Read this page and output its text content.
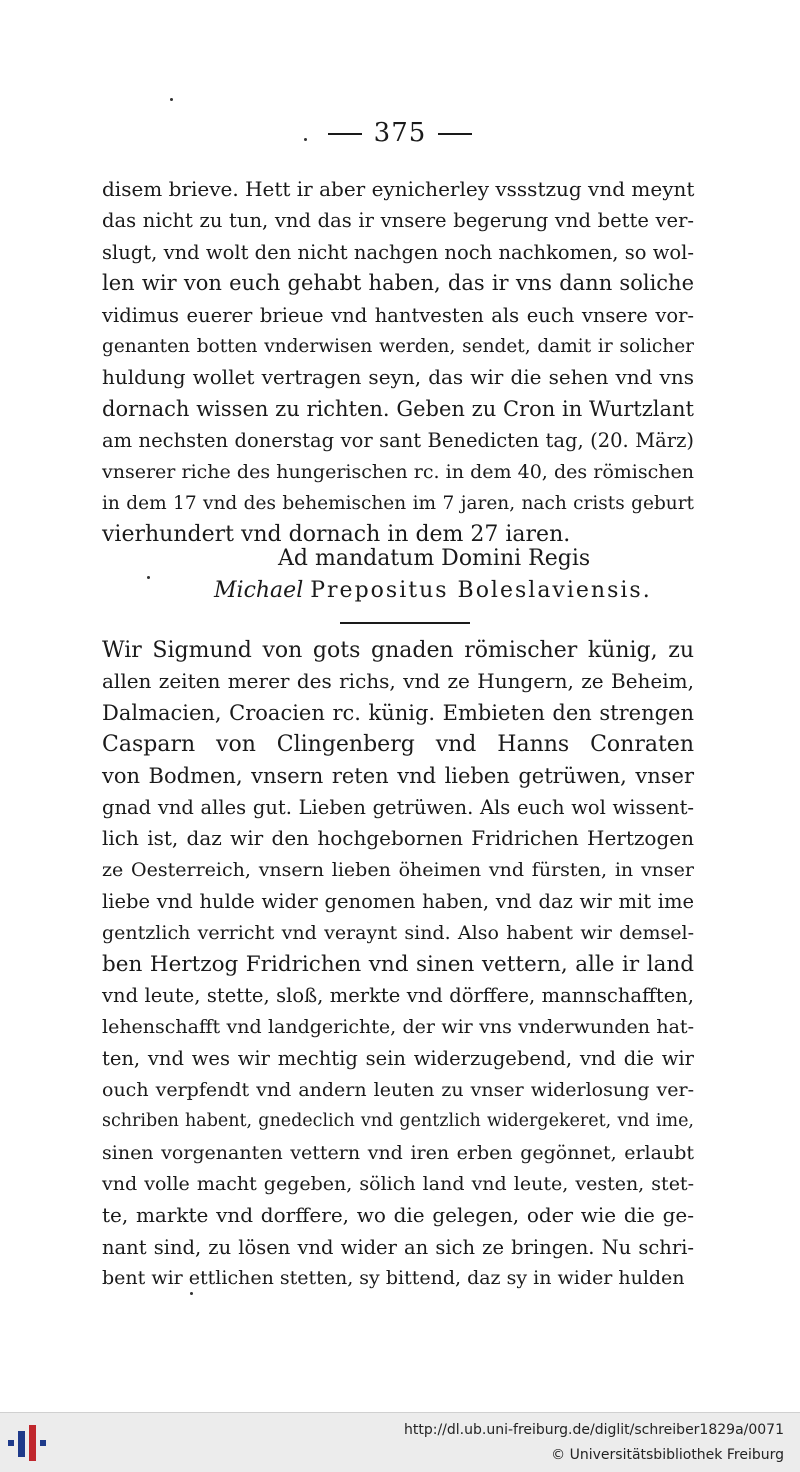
375
disem brieve. Hett ir aber eynicherley vssstzug vnd meynt
das nicht zu tun, vnd das ir vnsere begerung vnd bette ver-
slugt, vnd wolt den nicht nachgen noch nachkomen, so wol-
len wir von euch gehabt haben, das ir vns dann soliche
vidimus euerer brieue vnd hantvesten als euch vnsere vor-
genanten botten vnderwisen werden, sendet, damit ir solicher
huldung wollet vertragen seyn, das wir die sehen vnd vns
dornach wissen zu richten. Geben zu Cron in Wurtzlant
am nechsten donerstag vor sant Benedicten tag, (20. März)
vnserer riche des hungerischen rc. in dem 40, des römischen
in dem 17 vnd des behemischen im 7 jaren, nach crists geburt
vierhundert vnd dornach in dem 27 iaren.
Ad mandatum Domini Regis
Michael Prepositus Boleslaviensis.
Wir Sigmund von gots gnaden römischer künig, zu
allen zeiten merer des richs, vnd ze Hungern, ze Beheim,
Dalmacien, Croacien rc. künig. Embieten den strengen
Casparn von Clingenberg vnd Hanns Conraten
von Bodmen, vnsern reten vnd lieben getrüwen, vnser
gnad vnd alles gut. Lieben getrüwen. Als euch wol wissent-
lich ist, daz wir den hochgebornen Fridrichen Hertzogen
ze Oesterreich, vnsern lieben öheimen vnd fürsten, in vnser
liebe vnd hulde wider genomen haben, vnd daz wir mit ime
gentzlich verricht vnd veraynt sind. Also habent wir demsel-
ben Hertzog Fridrichen vnd sinen vettern, alle ir land
vnd leute, stette, sloß, merkte vnd dörffere, mannschafften,
lehenschafft vnd landgerichte, der wir vns vnderwunden hat-
ten, vnd wes wir mechtig sein widerzugebend, vnd die wir
ouch verpfendt vnd andern leuten zu vnser widerlosung ver-
schriben habent, gnedeclich vnd gentzlich widergekeret, vnd ime,
sinen vorgenanten vettern vnd iren erben gegönnet, erlaubt
vnd volle macht gegeben, sölich land vnd leute, vesten, stet-
te, markte vnd dorffere, wo die gelegen, oder wie die ge-
nant sind, zu lösen vnd wider an sich ze bringen. Nu schri-
bent wir ettlichen stetten, sy bittend, daz sy in wider hulden
http://dl.ub.uni-freiburg.de/diglit/schreiber1829a/0071
© Universitätsbibliothek Freiburg
